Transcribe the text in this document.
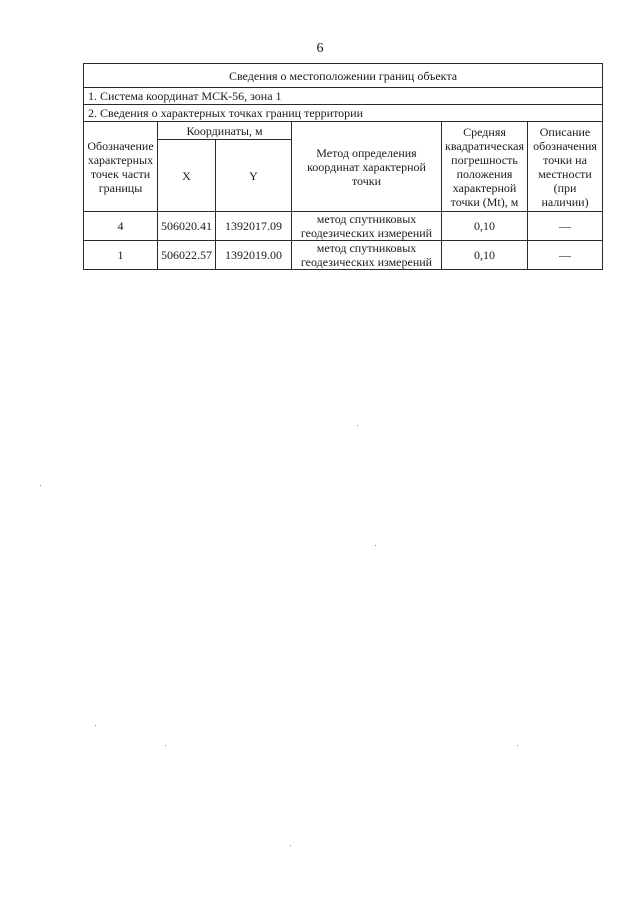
6
Сведения о местоположении границ объекта					
1. Система координат МСК-56, зона 1					
2. Сведения о характерных точках границ территории					
Обозначение характерных точек части границы	Координаты, м		Метод определения координат характерной точки	Средняя квадратическая погрешность положения характерной точки (Mt), м	Описание обозначения точки на местности (при наличии)
	X	Y			
4	506020.41	1392017.09	метод спутниковых геодезических измерений	0,10	—
1	506022.57	1392019.00	метод спутниковых геодезических измерений	0,10	—
